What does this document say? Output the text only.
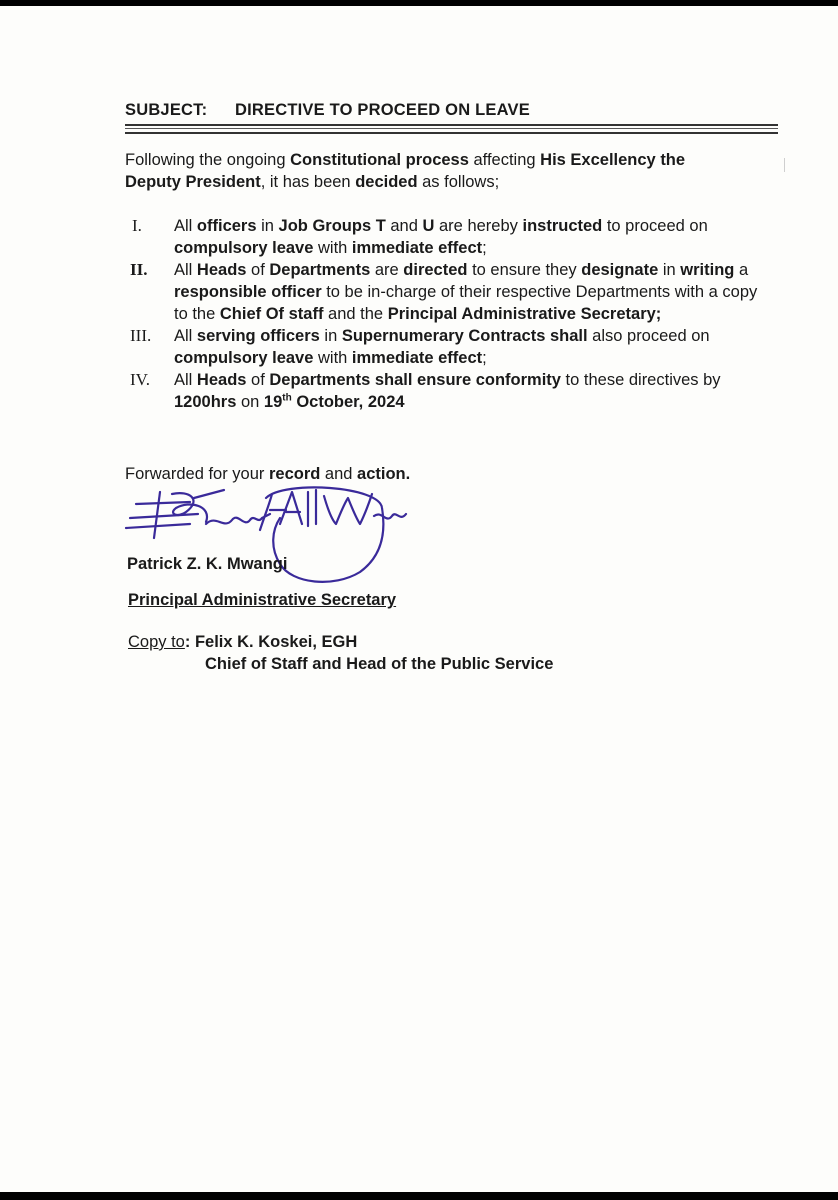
SUBJECT: DIRECTIVE TO PROCEED ON LEAVE

Following the ongoing Constitutional process affecting His Excellency the Deputy President, it has been decided as follows;

I.	All officers in Job Groups T and U are hereby instructed to proceed on compulsory leave with immediate effect;
II.	All Heads of Departments are directed to ensure they designate in writing a responsible officer to be in-charge of their respective Departments with a copy to the Chief Of staff and the Principal Administrative Secretary;
III.	All serving officers in Supernumerary Contracts shall also proceed on compulsory leave with immediate effect;
IV.	All Heads of Departments shall ensure conformity to these directives by 1200hrs on 19th October, 2024

Forwarded for your record and action.

Patrick Z. K. Mwangi
Principal Administrative Secretary
Copy to: Felix K. Koskei, EGH
Chief of Staff and Head of the Public Service
